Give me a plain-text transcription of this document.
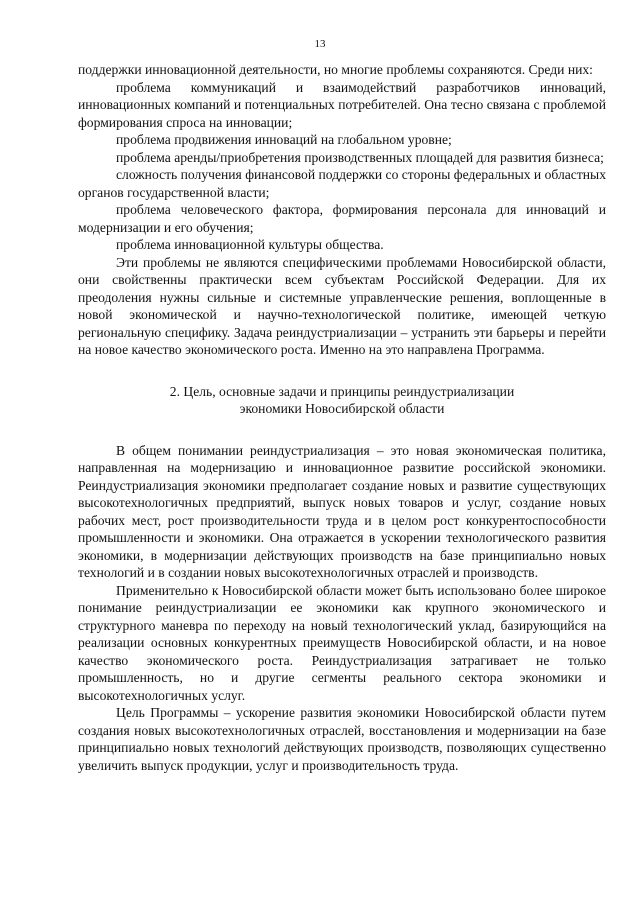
13

поддержки инновационной деятельности, но многие проблемы сохраняются. Среди них:

проблема коммуникаций и взаимодействий разработчиков инноваций, инновационных компаний и потенциальных потребителей. Она тесно связана с проблемой формирования спроса на инновации;

проблема продвижения инноваций на глобальном уровне;

проблема аренды/приобретения производственных площадей для развития бизнеса;

сложность получения финансовой поддержки со стороны федеральных и областных органов государственной власти;

проблема человеческого фактора, формирования персонала для инноваций и модернизации и его обучения;

проблема инновационной культуры общества.

Эти проблемы не являются специфическими проблемами Новосибирской области, они свойственны практически всем субъектам Российской Федерации. Для их преодоления нужны сильные и системные управленческие решения, воплощенные в новой экономической и научно-технологической политике, имеющей четкую региональную специфику. Задача реиндустриализации – устранить эти барьеры и перейти на новое качество экономического роста. Именно на это направлена Программа.

2. Цель, основные задачи и принципы реиндустриализации
экономики Новосибирской области

В общем понимании реиндустриализация – это новая экономическая политика, направленная на модернизацию и инновационное развитие российской экономики. Реиндустриализация экономики предполагает создание новых и развитие существующих высокотехнологичных предприятий, выпуск новых товаров и услуг, создание новых рабочих мест, рост производительности труда и в целом рост конкурентоспособности промышленности и экономики. Она отражается в ускорении технологического развития экономики, в модернизации действующих производств на базе принципиально новых технологий и в создании новых высокотехнологичных отраслей и производств.

Применительно к Новосибирской области может быть использовано более широкое понимание реиндустриализации ее экономики как крупного экономического и структурного маневра по переходу на новый технологический уклад, базирующийся на реализации основных конкурентных преимуществ Новосибирской области, и на новое качество экономического роста. Реиндустриализация затрагивает не только промышленность, но и другие сегменты реального сектора экономики и высокотехнологичных услуг.

Цель Программы – ускорение развития экономики Новосибирской области путем создания новых высокотехнологичных отраслей, восстановления и модернизации на базе принципиально новых технологий действующих производств, позволяющих существенно увеличить выпуск продукции, услуг и производительность труда.
